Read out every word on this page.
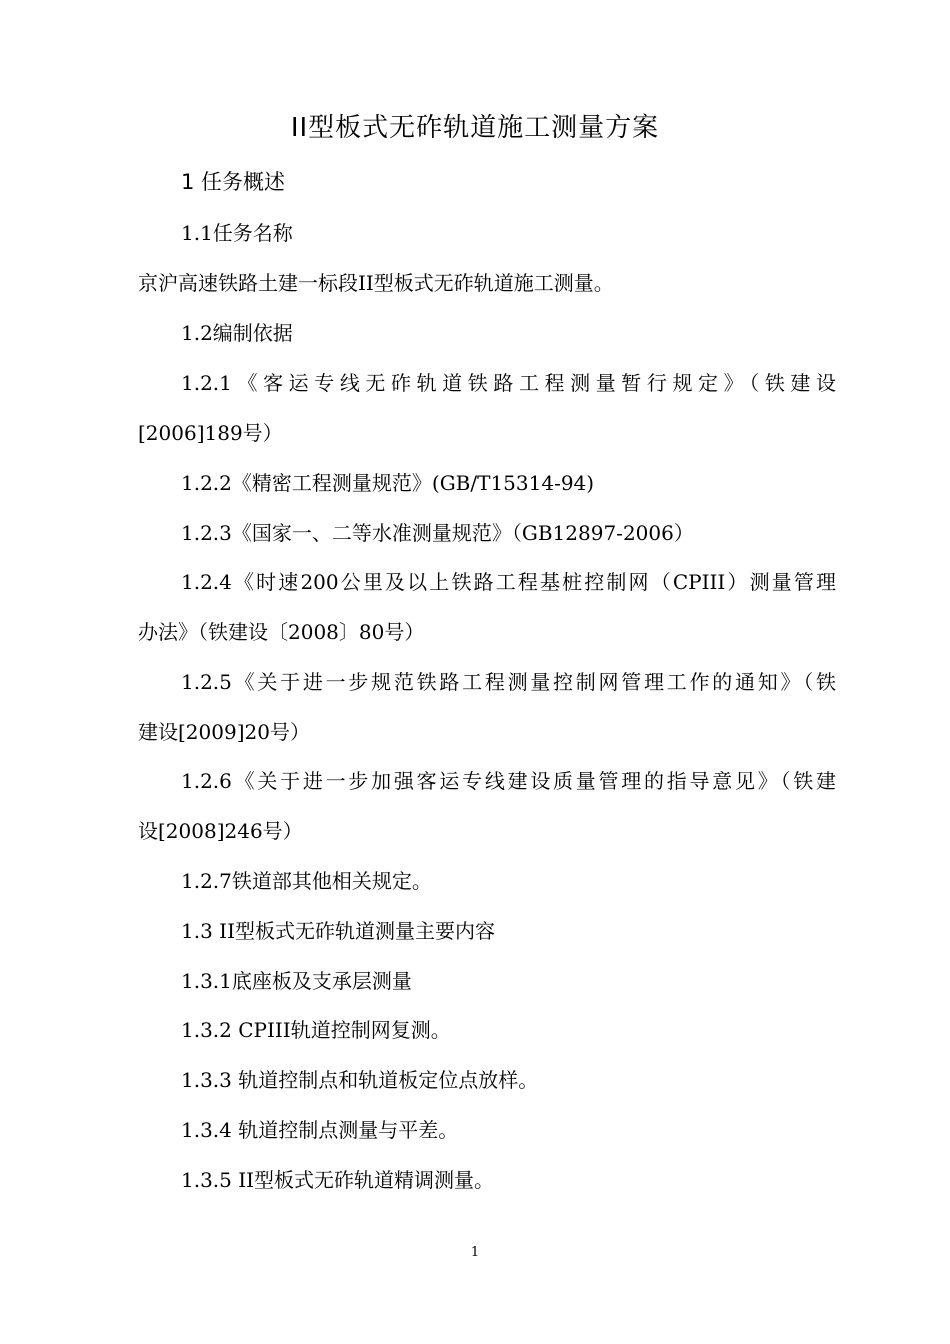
II型板式无砟轨道施工测量方案
1 任务概述
1.1任务名称
京沪高速铁路土建一标段II型板式无砟轨道施工测量。
1.2编制依据
1.2.1《客运专线无砟轨道铁路工程测量暂行规定》（铁建设
[2006]189号）
1.2.2《精密工程测量规范》(GB/T15314-94)
1.2.3《国家一、二等水准测量规范》（GB12897-2006）
1.2.4《时速200公里及以上铁路工程基桩控制网（CPIII）测量管理
办法》（铁建设〔2008〕80号）
1.2.5《关于进一步规范铁路工程测量控制网管理工作的通知》（铁
建设[2009]20号）
1.2.6《关于进一步加强客运专线建设质量管理的指导意见》（铁建
设[2008]246号）
1.2.7铁道部其他相关规定。
1.3 II型板式无砟轨道测量主要内容
1.3.1底座板及支承层测量
1.3.2 CPIII轨道控制网复测。
1.3.3 轨道控制点和轨道板定位点放样。
1.3.4 轨道控制点测量与平差。
1.3.5 II型板式无砟轨道精调测量。
1
